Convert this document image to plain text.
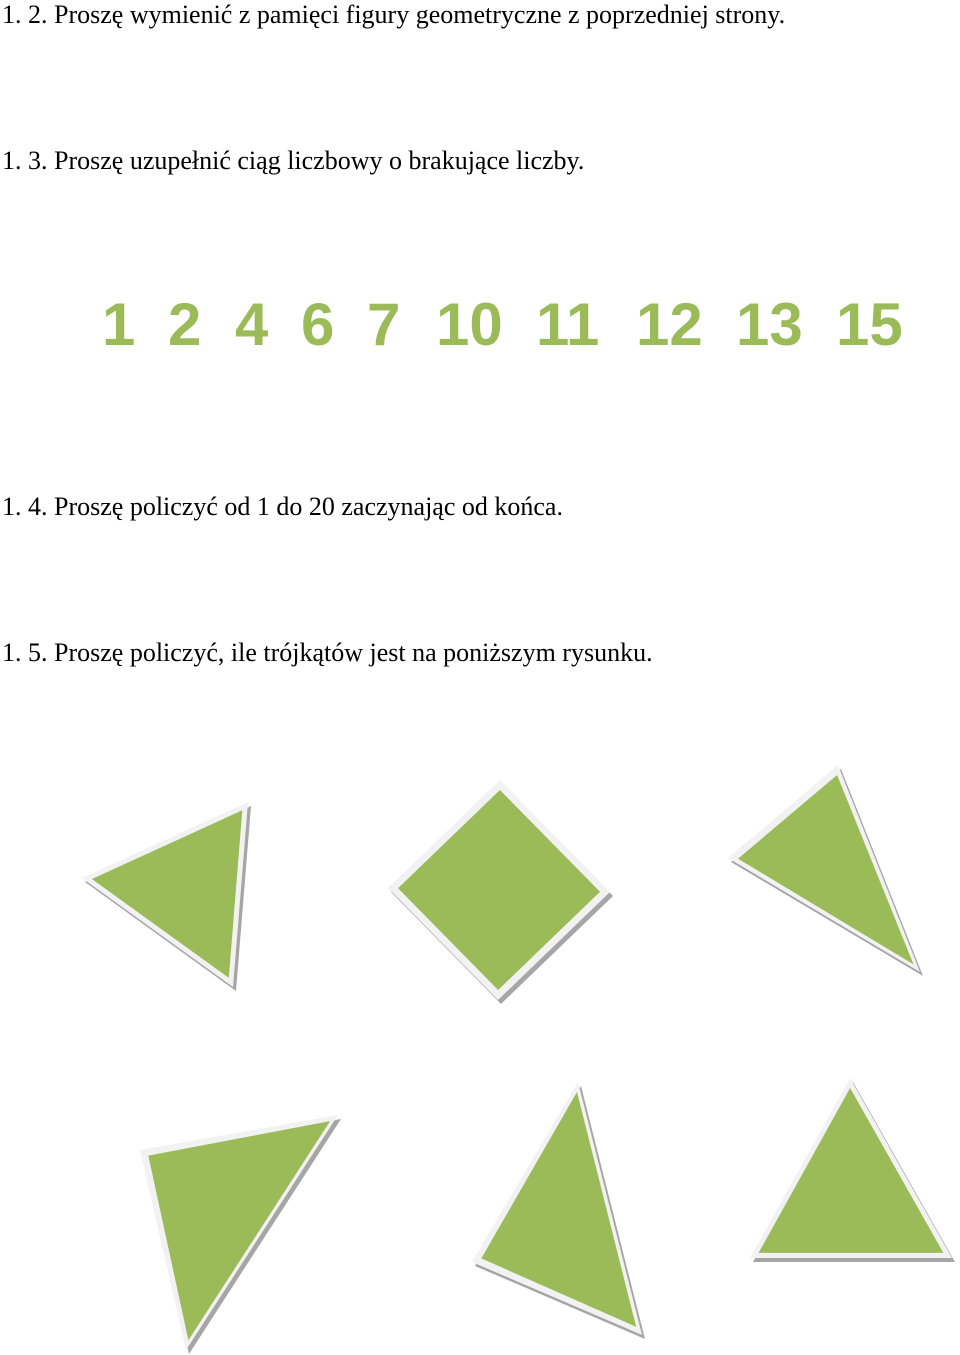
1. 2. Proszę wymienić z pamięci figury geometryczne z poprzedniej strony.

1. 3. Proszę uzupełnić ciąg liczbowy o brakujące liczby.

1 2 4 6 7 10 11 12 13 15

1. 4. Proszę policzyć od 1 do 20 zaczynając od końca.

1. 5. Proszę policzyć, ile trójkątów jest na poniższym rysunku.
